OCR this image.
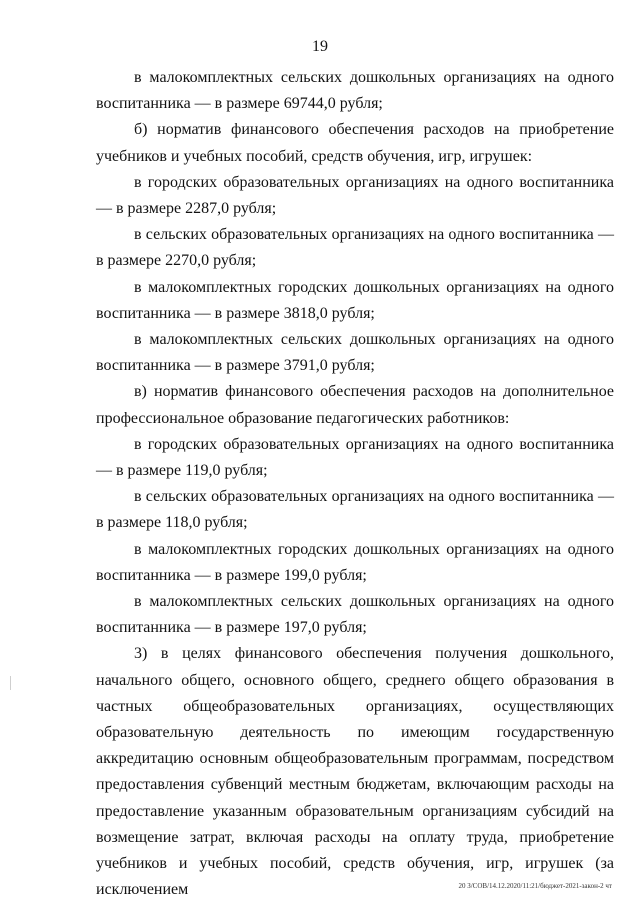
19

в малокомплектных сельских дошкольных организациях на одного воспитанника — в размере 69744,0 рубля;

б) норматив финансового обеспечения расходов на приобретение учебников и учебных пособий, средств обучения, игр, игрушек:

в городских образовательных организациях на одного воспитанника — в размере 2287,0 рубля;

в сельских образовательных организациях на одного воспитанника — в размере 2270,0 рубля;

в малокомплектных городских дошкольных организациях на одного воспитанника — в размере 3818,0 рубля;

в малокомплектных сельских дошкольных организациях на одного воспитанника — в размере 3791,0 рубля;

в) норматив финансового обеспечения расходов на дополнительное профессиональное образование педагогических работников:

в городских образовательных организациях на одного воспитанника — в размере 119,0 рубля;

в сельских образовательных организациях на одного воспитанника — в размере 118,0 рубля;

в малокомплектных городских дошкольных организациях на одного воспитанника — в размере 199,0 рубля;

в малокомплектных сельских дошкольных организациях на одного воспитанника — в размере 197,0 рубля;

3) в целях финансового обеспечения получения дошкольного, начального общего, основного общего, среднего общего образования в частных общеобразовательных организациях, осуществляющих образовательную деятельность по имеющим государственную аккредитацию основным общеобразовательным программам, посредством предоставления субвенций местным бюджетам, включающим расходы на предоставление указанным образовательным организациям субсидий на возмещение затрат, включая расходы на оплату труда, приобретение учебников и учебных пособий, средств обучения, игр, игрушек (за исключением	20 З/СОВ/14.12.2020/11:21/бюджет-2021-закон-2 чт
